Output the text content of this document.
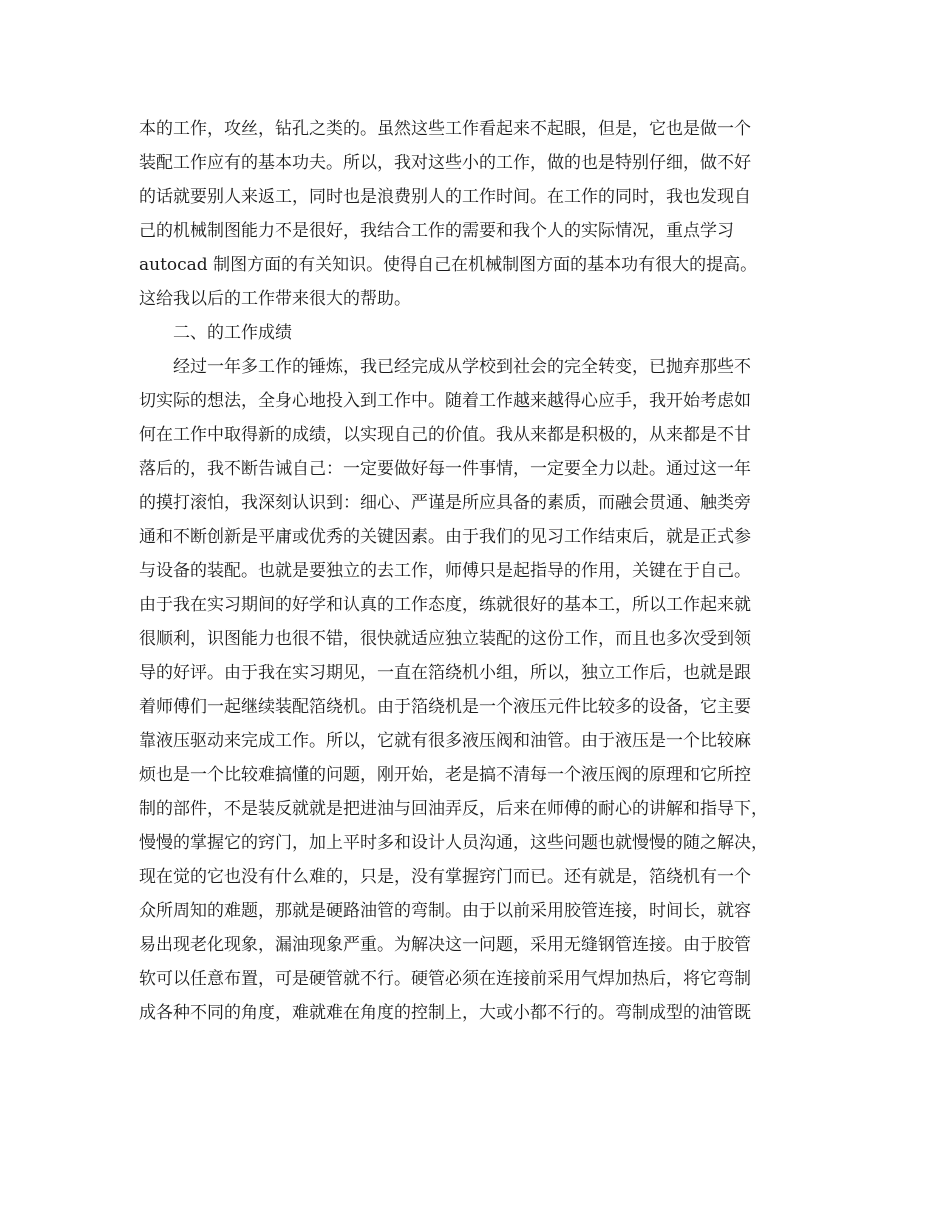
本的工作，攻丝，钻孔之类的。虽然这些工作看起来不起眼，但是，它也是做一个
装配工作应有的基本功夫。所以，我对这些小的工作，做的也是特别仔细，做不好
的话就要别人来返工，同时也是浪费别人的工作时间。在工作的同时，我也发现自
己的机械制图能力不是很好，我结合工作的需要和我个人的实际情况，重点学习
autocad 制图方面的有关知识。使得自己在机械制图方面的基本功有很大的提高。
这给我以后的工作带来很大的帮助。
二、的工作成绩
经过一年多工作的锤炼，我已经完成从学校到社会的完全转变，已抛弃那些不
切实际的想法，全身心地投入到工作中。随着工作越来越得心应手，我开始考虑如
何在工作中取得新的成绩，以实现自己的价值。我从来都是积极的，从来都是不甘
落后的，我不断告诫自己：一定要做好每一件事情，一定要全力以赴。通过这一年
的摸打滚怕，我深刻认识到：细心、严谨是所应具备的素质，而融会贯通、触类旁
通和不断创新是平庸或优秀的关键因素。由于我们的见习工作结束后，就是正式参
与设备的装配。也就是要独立的去工作，师傅只是起指导的作用，关键在于自己。
由于我在实习期间的好学和认真的工作态度，练就很好的基本工，所以工作起来就
很顺利，识图能力也很不错，很快就适应独立装配的这份工作，而且也多次受到领
导的好评。由于我在实习期见，一直在箔绕机小组，所以，独立工作后，也就是跟
着师傅们一起继续装配箔绕机。由于箔绕机是一个液压元件比较多的设备，它主要
靠液压驱动来完成工作。所以，它就有很多液压阀和油管。由于液压是一个比较麻
烦也是一个比较难搞懂的问题，刚开始，老是搞不清每一个液压阀的原理和它所控
制的部件，不是装反就就是把进油与回油弄反，后来在师傅的耐心的讲解和指导下，
慢慢的掌握它的窍门，加上平时多和设计人员沟通，这些问题也就慢慢的随之解决，
现在觉的它也没有什么难的，只是，没有掌握窍门而已。还有就是，箔绕机有一个
众所周知的难题，那就是硬路油管的弯制。由于以前采用胶管连接，时间长，就容
易出现老化现象，漏油现象严重。为解决这一问题，采用无缝钢管连接。由于胶管
软可以任意布置，可是硬管就不行。硬管必须在连接前采用气焊加热后，将它弯制
成各种不同的角度，难就难在角度的控制上，大或小都不行的。弯制成型的油管既
